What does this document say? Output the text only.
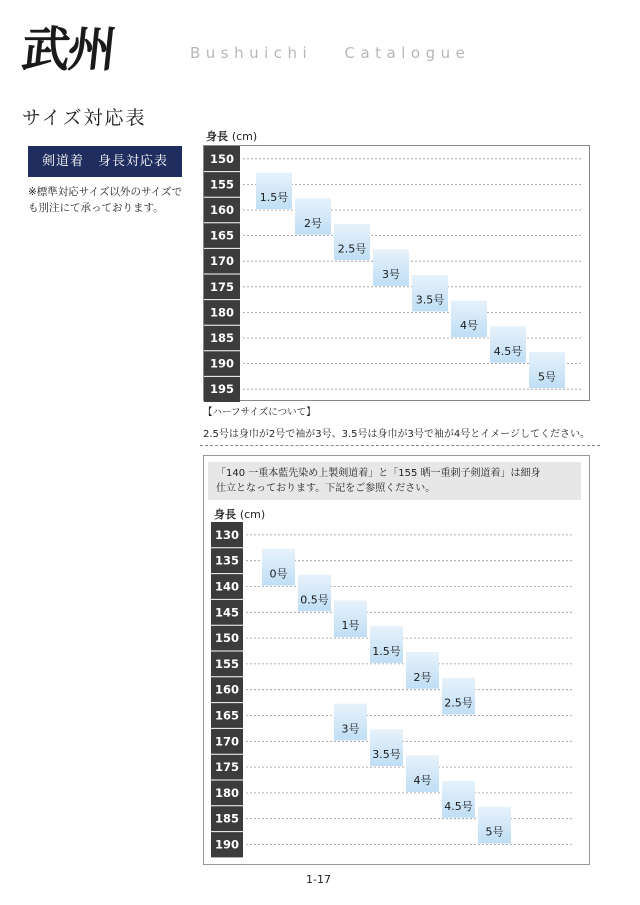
武州	Bushuichi Catalogue
サイズ対応表
剣道着　身長対応表
※標準対応サイズ以外のサイズでも別注にて承っております。
身長 (cm)
150
155
160
165
170
175
180
185
190
195
1.5号
2号
2.5号
3号
3.5号
4号
4.5号
5号
【ハーフサイズについて】
2.5号は身巾が2号で袖が3号、3.5号は身巾が3号で袖が4号とイメージしてください。
「140 一重本藍先染め上製剣道着」と「155 晒一重刺子剣道着」は細身
仕立となっております。下記をご参照ください。
身長 (cm)
130
135
140
145
150
155
160
165
170
175
180
185
190
0号
0.5号
1号
1.5号
2号
2.5号
3号
3.5号
4号
4.5号
5号
1-17
